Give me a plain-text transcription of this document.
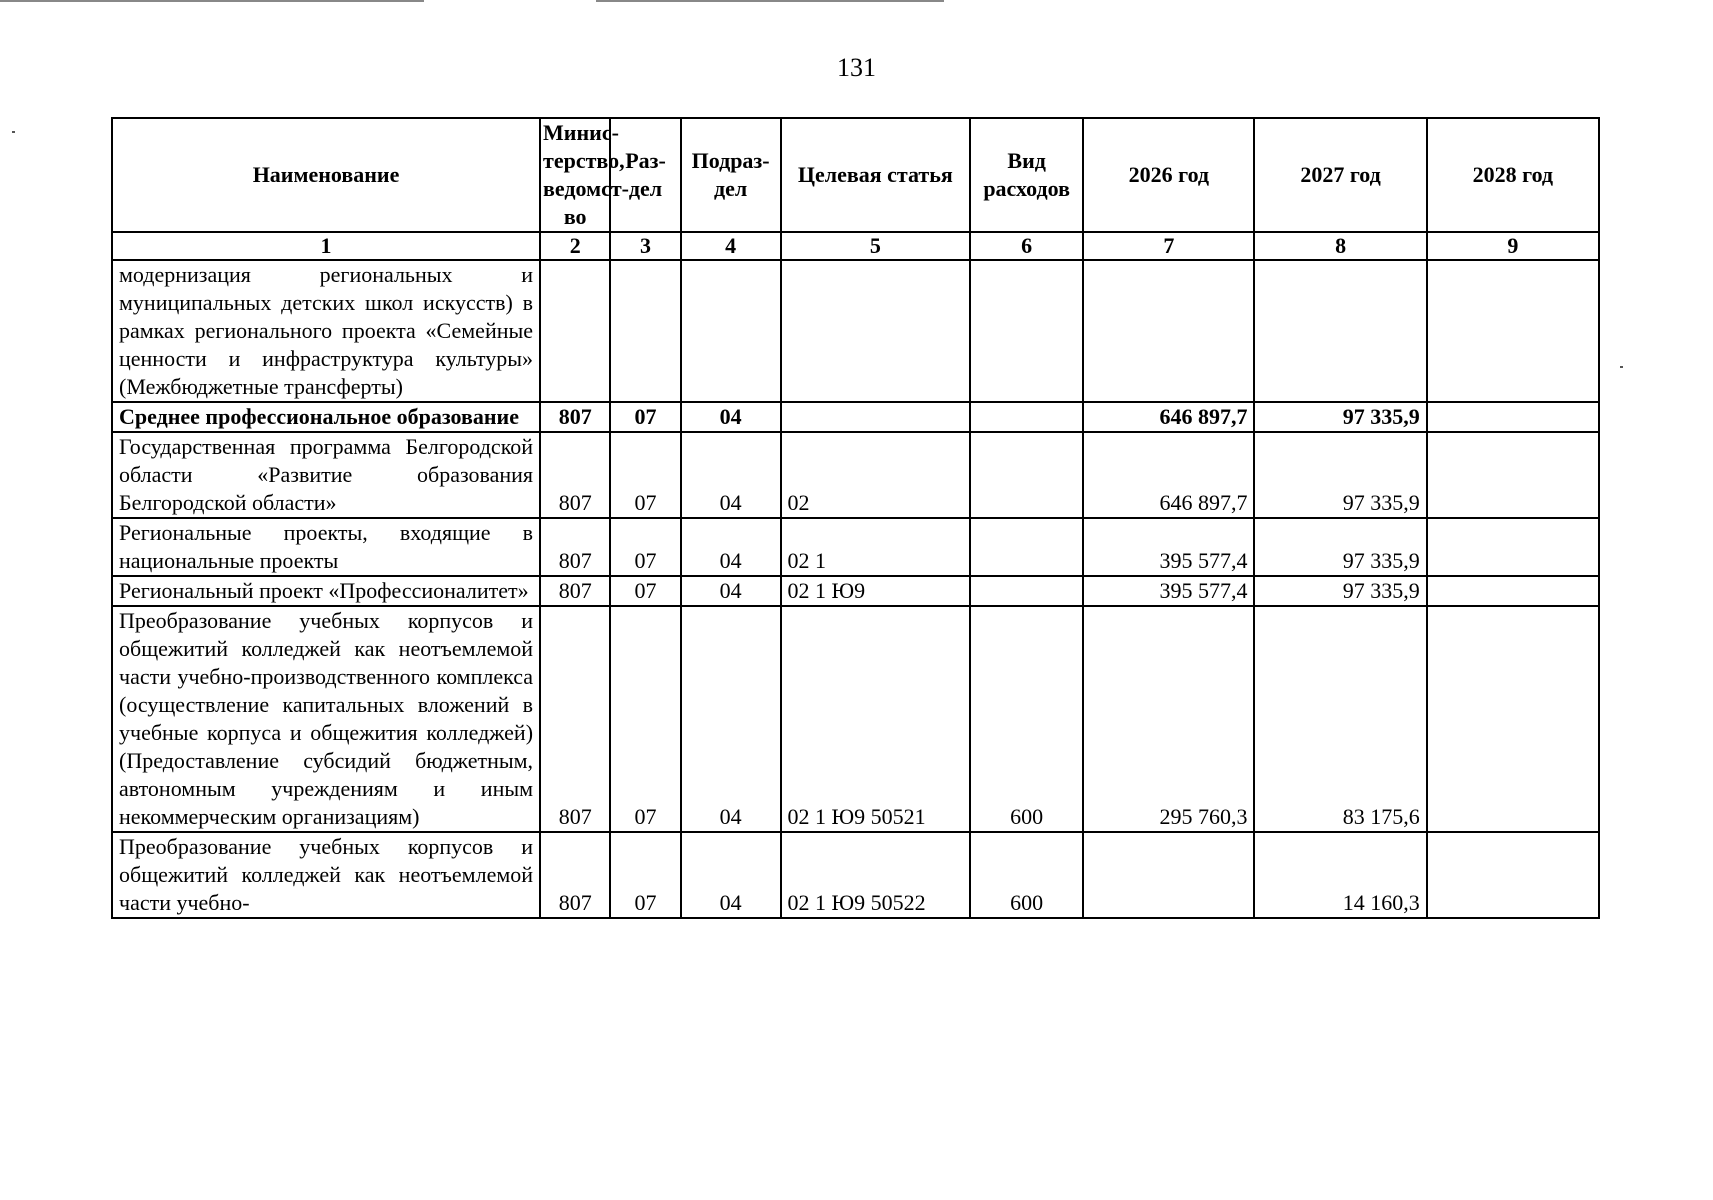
131
Наименование	Минис-терство, ведомст-во	Раз-дел	Подраз-дел	Целевая статья	Вид расходов	2026 год	2027 год	2028 год
1	2	3	4	5	6	7	8	9
модернизация региональных и муниципальных детских школ искусств) в рамках регионального проекта «Семейные ценности и инфраструктура культуры» (Межбюджетные трансферты)								
Среднее профессиональное образование	807	07	04			646 897,7	97 335,9	
Государственная программа Белгородской области «Развитие образования Белгородской области»	807	07	04	02		646 897,7	97 335,9	
Региональные проекты, входящие в национальные проекты	807	07	04	02 1		395 577,4	97 335,9	
Региональный проект «Профессионалитет»	807	07	04	02 1 Ю9		395 577,4	97 335,9	
Преобразование учебных корпусов и общежитий колледжей как неотъемлемой части учебно-производственного комплекса (осуществление капитальных вложений в учебные корпуса и общежития колледжей) (Предоставление субсидий бюджетным, автономным учреждениям и иным некоммерческим организациям)	807	07	04	02 1 Ю9 50521	600	295 760,3	83 175,6	
Преобразование учебных корпусов и общежитий колледжей как неотъемлемой части учебно-	807	07	04	02 1 Ю9 50522	600		14 160,3	
